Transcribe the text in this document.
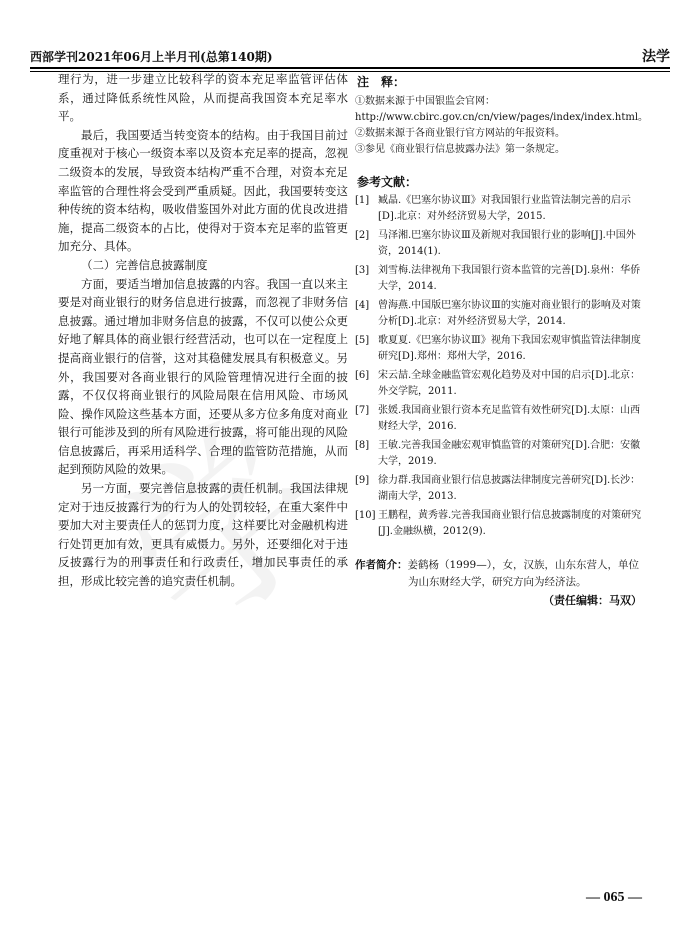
西部学刊2021年06月上半月刊(总第140期)	法学

理行为，进一步建立比较科学的资本充足率监管评估体系，通过降低系统性风险，从而提高我国资本充足率水平。

最后，我国要适当转变资本的结构。由于我国目前过度重视对于核心一级资本率以及资本充足率的提高，忽视二级资本的发展，导致资本结构严重不合理，对资本充足率监管的合理性将会受到严重质疑。因此，我国要转变这种传统的资本结构，吸收借鉴国外对此方面的优良改进措施，提高二级资本的占比，使得对于资本充足率的监管更加充分、具体。

（二）完善信息披露制度

方面，要适当增加信息披露的内容。我国一直以来主要是对商业银行的财务信息进行披露，而忽视了非财务信息披露。通过增加非财务信息的披露，不仅可以使公众更好地了解具体的商业银行经营活动，也可以在一定程度上提高商业银行的信誉，这对其稳健发展具有积极意义。另外，我国要对各商业银行的风险管理情况进行全面的披露，不仅仅将商业银行的风险局限在信用风险、市场风险、操作风险这些基本方面，还要从多方位多角度对商业银行可能涉及到的所有风险进行披露，将可能出现的风险信息披露后，再采用适科学、合理的监管防范措施，从而起到预防风险的效果。

另一方面，要完善信息披露的责任机制。我国法律规定对于违反披露行为的行为人的处罚较轻，在重大案件中要加大对主要责任人的惩罚力度，这样要比对金融机构进行处罚更加有效，更具有威慑力。另外，还要细化对于违反披露行为的刑事责任和行政责任，增加民事责任的承担，形成比较完善的追究责任机制。

注　释：

①数据来源于中国银监会官网：http://www.cbirc.gov.cn/cn/view/pages/index/index.html。

②数据来源于各商业银行官方网站的年报资料。

③参见《商业银行信息披露办法》第一条规定。

参考文献：
[1] 臧晶.《巴塞尔协议Ⅲ》对我国银行业监管法制完善的启示[D].北京：对外经济贸易大学，2015.
[2] 马泽湘.巴塞尔协议Ⅲ及新规对我国银行业的影响[J].中国外资，2014(1).
[3] 刘雪梅.法律视角下我国银行资本监管的完善[D].泉州：华侨大学，2014.
[4] 曾海燕.中国版巴塞尔协议Ⅲ的实施对商业银行的影响及对策分析[D].北京：对外经济贸易大学，2014.
[5] 歌夏夏.《巴塞尔协议Ⅲ》视角下我国宏观审慎监管法律制度研究[D].郑州：郑州大学，2016.
[6] 宋云喆.全球金融监管宏观化趋势及对中国的启示[D].北京：外交学院，2011.
[7] 张媛.我国商业银行资本充足监管有效性研究[D].太原：山西财经大学，2016.
[8] 王敏.完善我国金融宏观审慎监管的对策研究[D].合肥：安徽大学，2019.
[9] 徐力群.我国商业银行信息披露法律制度完善研究[D].长沙：湖南大学，2013.
[10] 王鹏程，黄秀蓉.完善我国商业银行信息披露制度的对策研究[J].金融纵横，2012(9).
作者简介：姜鹤杨（1999—），女，汉族，山东东营人，单位为山东财经大学，研究方向为经济法。
（责任编辑：马双）
— 065 —
